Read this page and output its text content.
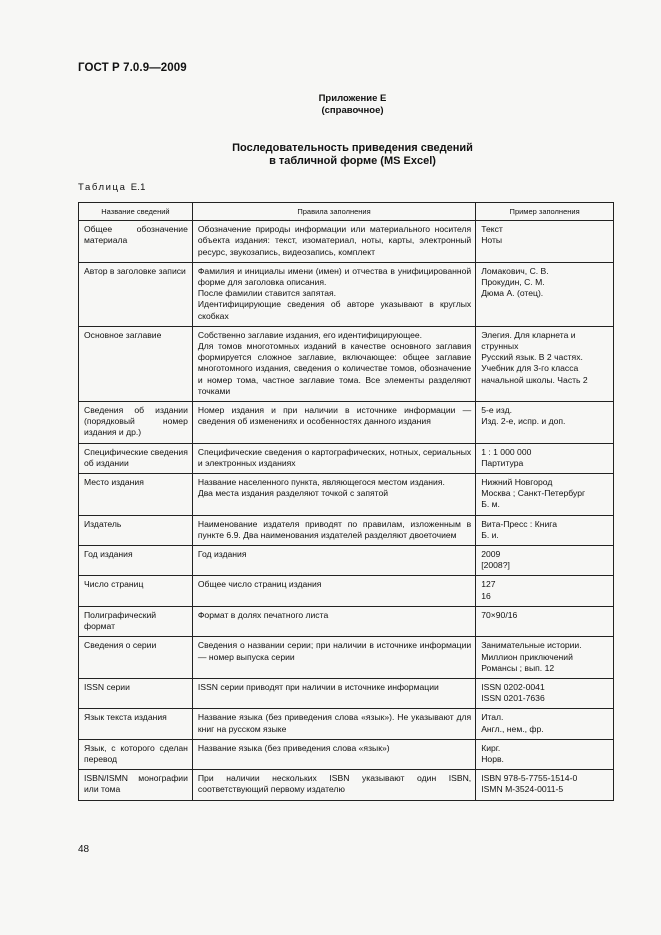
ГОСТ Р 7.0.9—2009
Приложение Е
(справочное)
Последовательность приведения сведений
в табличной форме (MS Excel)
Таблица Е.1
Название сведений	Правила заполнения	Пример заполнения
Общее обозначение материала	Обозначение природы информации или материального носителя объекта издания: текст, изоматериал, ноты, карты, электронный ресурс, звукозапись, видеозапись, комплект	Текст
Ноты

Автор в заголовке записи	Фамилия и инициалы имени (имен) и отчества в унифицированной форме для заголовка описания.
После фамилии ставится запятая.
Идентифицирующие сведения об авторе указывают в круглых скобках	Ломакович, С. В.
Прокудин, С. М.
Дюма А. (отец).

Основное заглавие	Собственно заглавие издания, его идентифицирующее.
Для томов многотомных изданий в качестве основного заглавия формируется сложное заглавие, включающее: общее заглавие многотомного издания, сведения о количестве томов, обозначение и номер тома, частное заглавие тома. Все элементы разделяют точками	Элегия. Для кларнета и струнных
Русский язык. В 2 частях. Учебник для 3-го класса начальной школы. Часть 2

Сведения об издании (порядковый номер издания и др.)	Номер издания и при наличии в источнике информации — сведения об изменениях и особенностях данного издания	5-е изд.
Изд. 2-е, испр. и доп.

Специфические сведения об издании	Специфические сведения о картографических, нотных, сериальных и электронных изданиях	1 : 1 000 000
Партитура

Место издания	Название населенного пункта, являющегося местом издания.
Два места издания разделяют точкой с запятой	Нижний Новгород
Москва ; Санкт-Петербург
Б. м.

Издатель	Наименование издателя приводят по правилам, изложенным в пункте 6.9. Два наименования издателей разделяют двоеточием	Вита-Пресс : Книга
Б. и.

Год издания	Год издания	2009
[2008?]

Число страниц	Общее число страниц издания	127
16

Полиграфический формат	Формат в долях печатного листа	70×90/16

Сведения о серии	Сведения о названии серии; при наличии в источнике информации — номер выпуска серии	Занимательные истории. Миллион приключений
Романсы ; вып. 12

ISSN серии	ISSN серии приводят при наличии в источнике информации	ISSN 0202-0041
ISSN 0201-7636

Язык текста издания	Название языка (без приведения слова «язык»). Не указывают для книг на русском языке	Итал.
Англ., нем., фр.

Язык, с которого сделан перевод	Название языка (без приведения слова «язык»)	Кирг.
Норв.

ISBN/ISMN монографии или тома	При наличии нескольких ISBN указывают один ISBN, соответствующий первому издателю	ISBN 978-5-7755-1514-0
ISMN M-3524-0011-5
48
